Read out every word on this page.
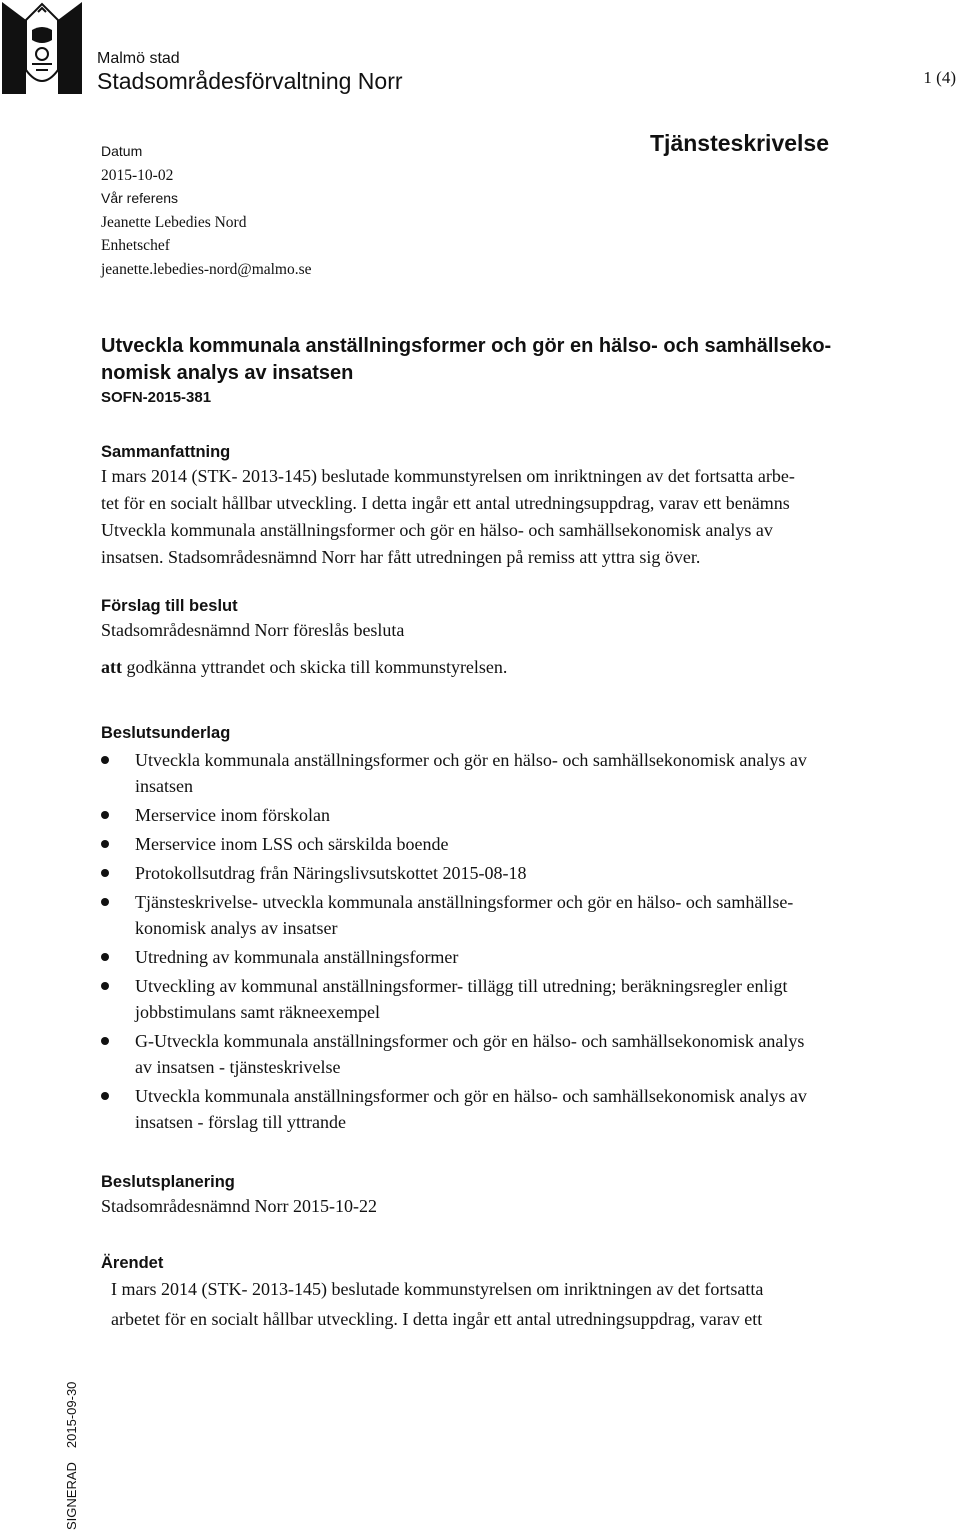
Malmö stad
Stadsområdesförvaltning Norr	1 (4)
Datum
2015-10-02
Vår referens
Jeanette Lebedies Nord
Enhetschef
jeanette.lebedies-nord@malmo.se
Tjänsteskrivelse
Utveckla kommunala anställningsformer och gör en hälso- och samhällseko-
nomisk analys av insatsen
SOFN-2015-381
Sammanfattning
I mars 2014 (STK- 2013-145) beslutade kommunstyrelsen om inriktningen av det fortsatta arbe-
tet för en socialt hållbar utveckling. I detta ingår ett antal utredningsuppdrag, varav ett benämns
Utveckla kommunala anställningsformer och gör en hälso- och samhällsekonomisk analys av
insatsen. Stadsområdesnämnd Norr har fått utredningen på remiss att yttra sig över.
Förslag till beslut
Stadsområdesnämnd Norr föreslås besluta
att godkänna yttrandet och skicka till kommunstyrelsen.
Beslutsunderlag
Utveckla kommunala anställningsformer och gör en hälso- och samhällsekonomisk analys av
insatsen
Merservice inom förskolan
Merservice inom LSS och särskilda boende
Protokollsutdrag från Näringslivsutskottet 2015-08-18
Tjänsteskrivelse- utveckla kommunala anställningsformer och gör en hälso- och samhällse-
konomisk analys av insatser
Utredning av kommunala anställningsformer
Utveckling av kommunal anställningsformer- tillägg till utredning; beräkningsregler enligt
jobbstimulans samt räkneexempel
G-Utveckla kommunala anställningsformer och gör en hälso- och samhällsekonomisk analys
av insatsen - tjänsteskrivelse
Utveckla kommunala anställningsformer och gör en hälso- och samhällsekonomisk analys av
insatsen - förslag till yttrande
Beslutsplanering
Stadsområdesnämnd Norr 2015-10-22
Ärendet
I mars 2014 (STK- 2013-145) beslutade kommunstyrelsen om inriktningen av det fortsatta
arbetet för en socialt hållbar utveckling. I detta ingår ett antal utredningsuppdrag, varav ett
SIGNERAD2015-09-30
